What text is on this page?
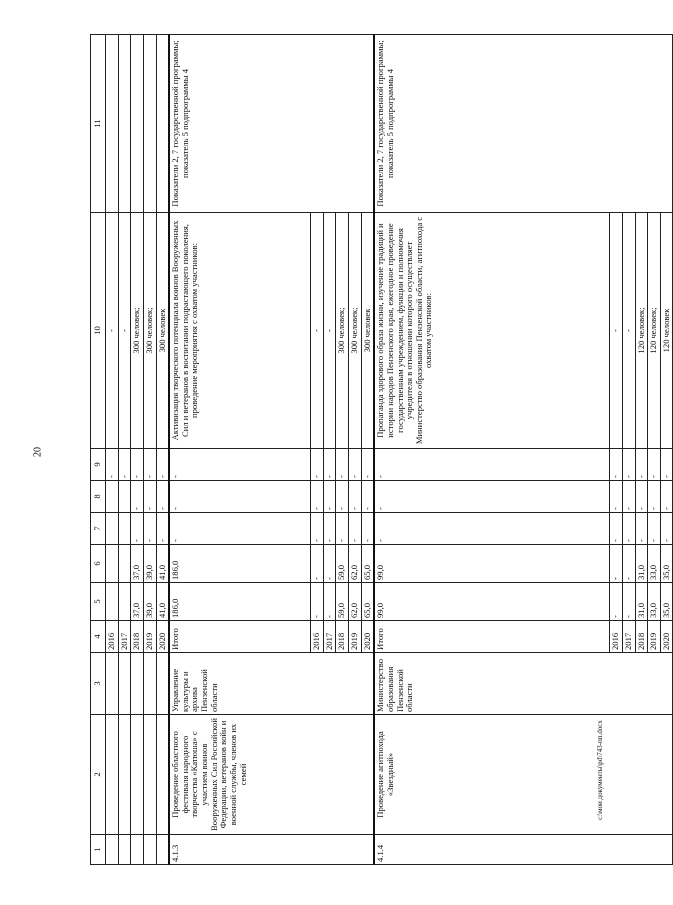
20
c:\мои документы\pd\743-пп.docx
1	2	3	4	5	6	7	8	9	10	11
			2016					-	-	
			2017					-	-	
			2018	37,0	37,0	-	-	-	300 человек;	
			2019	39,0	39,0	-	-	-	300 человек;	
			2020	41,0	41,0	-	-	-	300 человек	
4.1.3	Проведение областного фестиваля народного творчества «Катюша» с участием воинов Вооруженных Сил Российской Федерации, ветеранов войн и военной службы, членов их семей	Управление культуры и архива Пензенской области	Итого	186,0	186,0	-	-	-	Активизация творческого потенциала воинов Вооруженных Сил и ветеранов в воспитании подрастающего поколения, проведение мероприятия с охватом участников:	Показатели 2, 7 государственной программы; показатель 5 подпрограммы 4
			2016	-	-	-	-	-	-	
			2017	-	-	-	-	-	-	
			2018	59,0	59,0	-	-	-	300 человек;	
			2019	62,0	62,0	-	-	-	300 человек;	
			2020	65,0	65,0	-	-	-	300 человек	
4.1.4	Проведение агитпохода «Звездный»	Министерство образования Пензенской области	Итого	99,0	99,0	-	-	-	Пропаганда здорового образа жизни, изучение традиций и истории народов Пензенского края, ежегодное проведение государственным учреждением, функции и полномочия учредителя в отношении которого осуществляет Министерство образования Пензенской области, агитпохода с охватом участников:	Показатели 2, 7 государственной программы; показатель 5 подпрограммы 4
			2016	-	-	-	-	-	-	
			2017	-	-	-	-	-	-	
			2018	31,0	31,0	-	-	-	120 человек;	
			2019	33,0	33,0	-	-	-	120 человек;	
			2020	35,0	35,0	-	-	-	120 человек	
